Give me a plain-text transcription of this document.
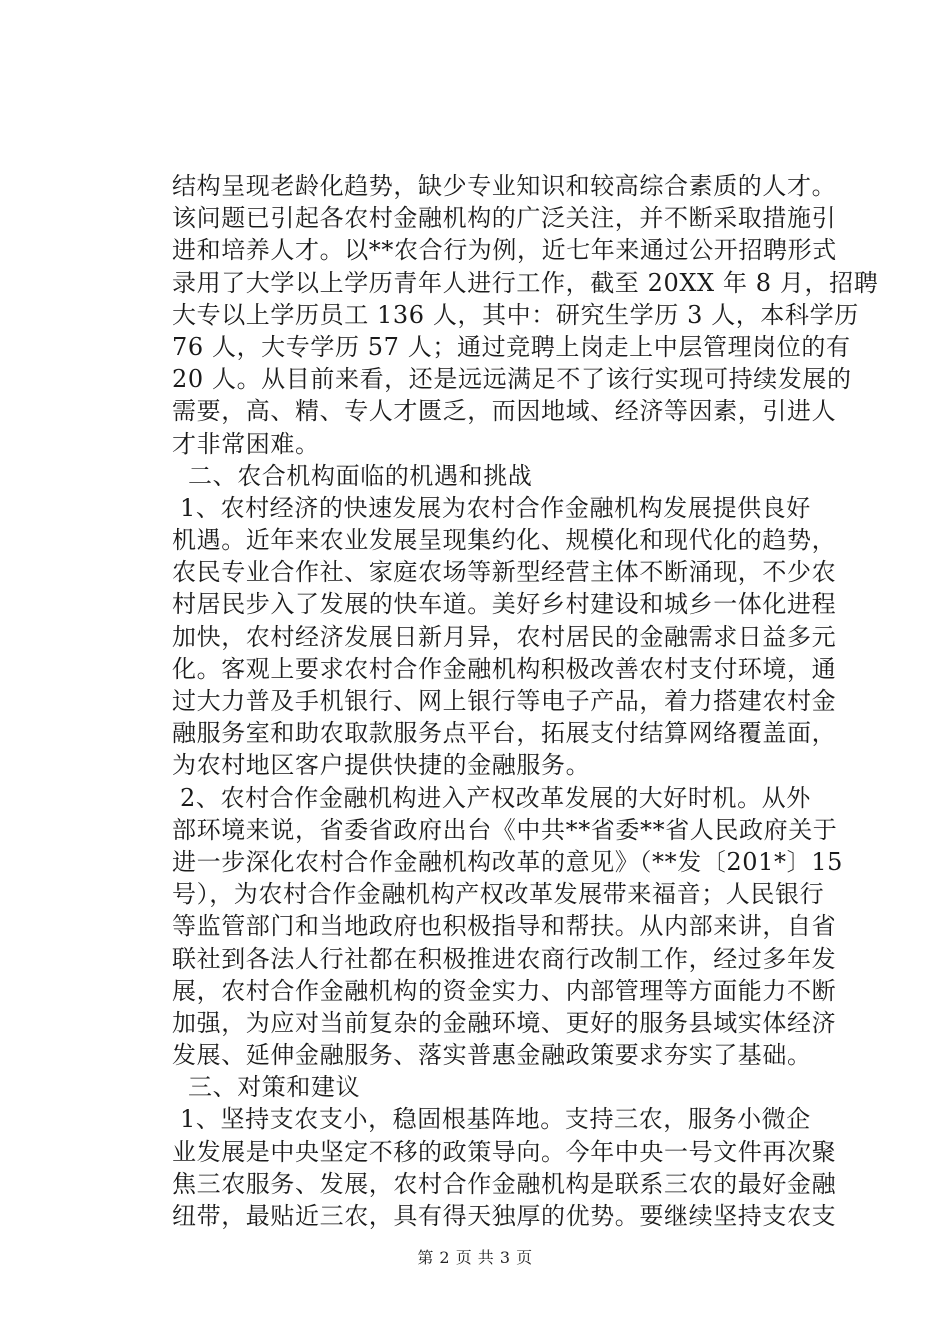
结构呈现老龄化趋势，缺少专业知识和较高综合素质的人才。
该问题已引起各农村金融机构的广泛关注，并不断采取措施引
进和培养人才。以**农合行为例，近七年来通过公开招聘形式
录用了大学以上学历青年人进行工作，截至 20XX 年 8 月，招聘
大专以上学历员工 136 人，其中：研究生学历 3 人，本科学历
76 人，大专学历 57 人；通过竞聘上岗走上中层管理岗位的有
20 人。从目前来看，还是远远满足不了该行实现可持续发展的
需要，高、精、专人才匮乏，而因地域、经济等因素，引进人
才非常困难。
二、农合机构面临的机遇和挑战
1、农村经济的快速发展为农村合作金融机构发展提供良好
机遇。近年来农业发展呈现集约化、规模化和现代化的趋势，
农民专业合作社、家庭农场等新型经营主体不断涌现，不少农
村居民步入了发展的快车道。美好乡村建设和城乡一体化进程
加快，农村经济发展日新月异，农村居民的金融需求日益多元
化。客观上要求农村合作金融机构积极改善农村支付环境，通
过大力普及手机银行、网上银行等电子产品，着力搭建农村金
融服务室和助农取款服务点平台，拓展支付结算网络覆盖面，
为农村地区客户提供快捷的金融服务。
2、农村合作金融机构进入产权改革发展的大好时机。从外
部环境来说，省委省政府出台《中共**省委**省人民政府关于
进一步深化农村合作金融机构改革的意见》（**发〔201*〕15
号），为农村合作金融机构产权改革发展带来福音；人民银行
等监管部门和当地政府也积极指导和帮扶。从内部来讲，自省
联社到各法人行社都在积极推进农商行改制工作，经过多年发
展，农村合作金融机构的资金实力、内部管理等方面能力不断
加强，为应对当前复杂的金融环境、更好的服务县域实体经济
发展、延伸金融服务、落实普惠金融政策要求夯实了基础。
三、对策和建议
1、坚持支农支小，稳固根基阵地。支持三农，服务小微企
业发展是中央坚定不移的政策导向。今年中央一号文件再次聚
焦三农服务、发展，农村合作金融机构是联系三农的最好金融
纽带，最贴近三农，具有得天独厚的优势。要继续坚持支农支
第 2 页 共 3 页
